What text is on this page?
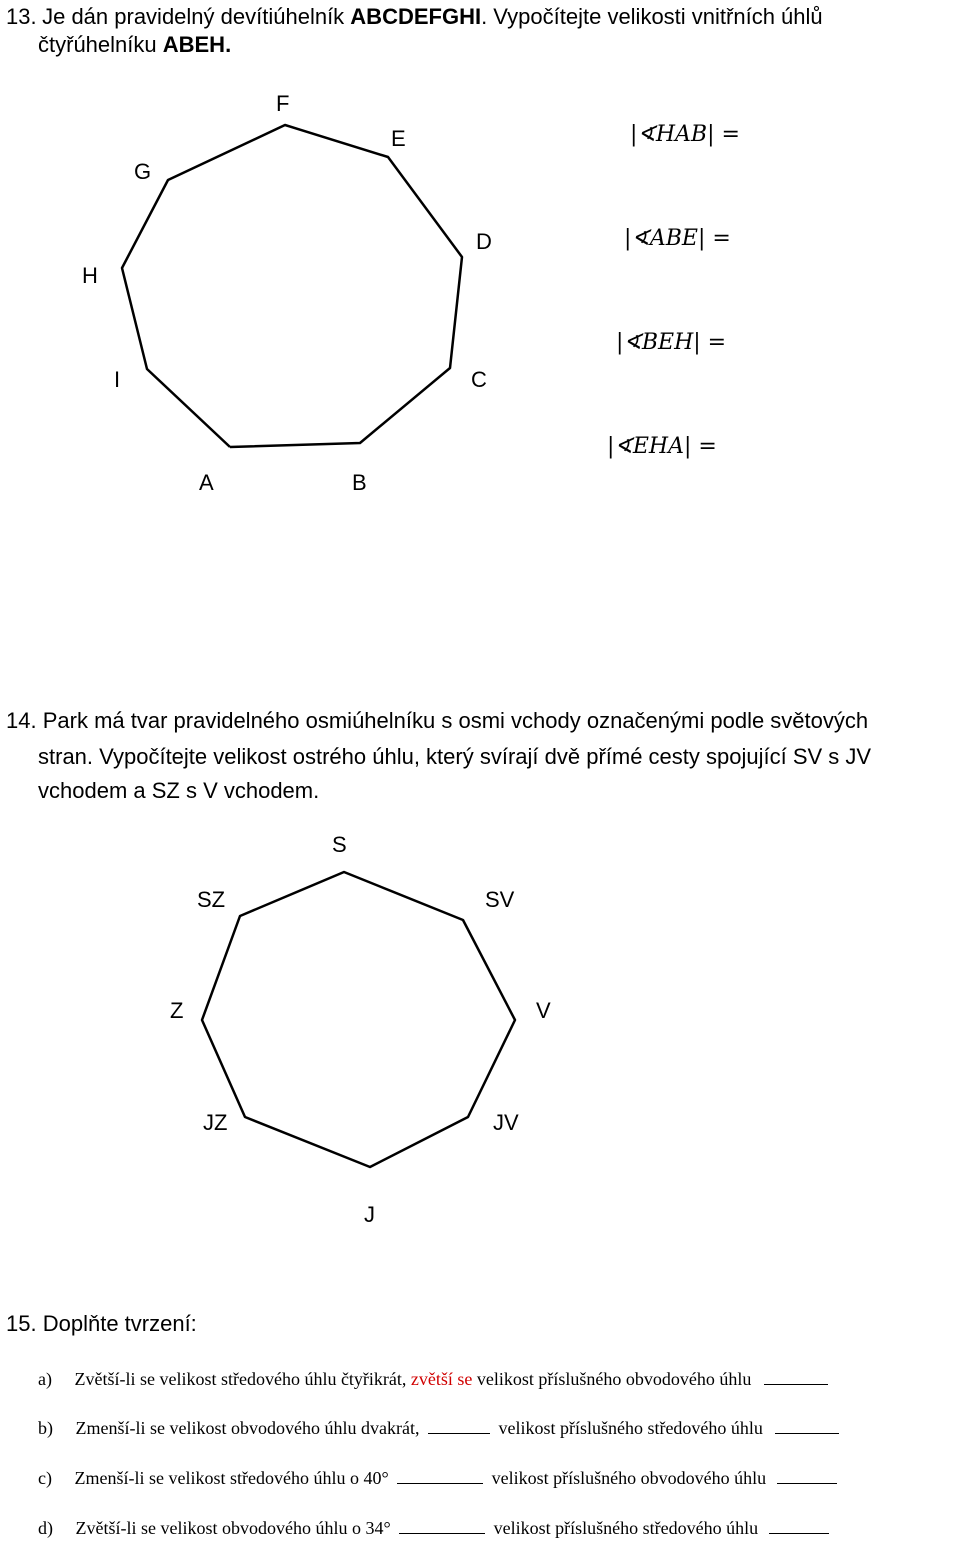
13. Je dán pravidelný devítiúhelník ABCDEFGHI. Vypočítejte velikosti vnitřních úhlů
čtyřúhelníku ABEH.
A	B
C
D
E
F
G
H
I
|∢HAB| =
|∢ABE| =
|∢BEH| =
|∢EHA| =
14. Park má tvar pravidelného osmiúhelníku s osmi vchody označenými podle světových
stran. Vypočítejte velikost ostrého úhlu, který svírají dvě přímé cesty spojující SV s JV
vchodem a SZ s V vchodem.
S
SV
V
JV
J
JZ
Z
SZ
15. Doplňte tvrzení:
a) Zvětší-li se velikost středového úhlu čtyřikrát, zvětší se velikost příslušného obvodového úhlu
b) Zmenší-li se velikost obvodového úhlu dvakrát,	velikost příslušného středového úhlu
c) Zmenší-li se velikost středového úhlu o 40°	velikost příslušného obvodového úhlu
d) Zvětší-li se velikost obvodového úhlu o 34°	velikost příslušného středového úhlu
